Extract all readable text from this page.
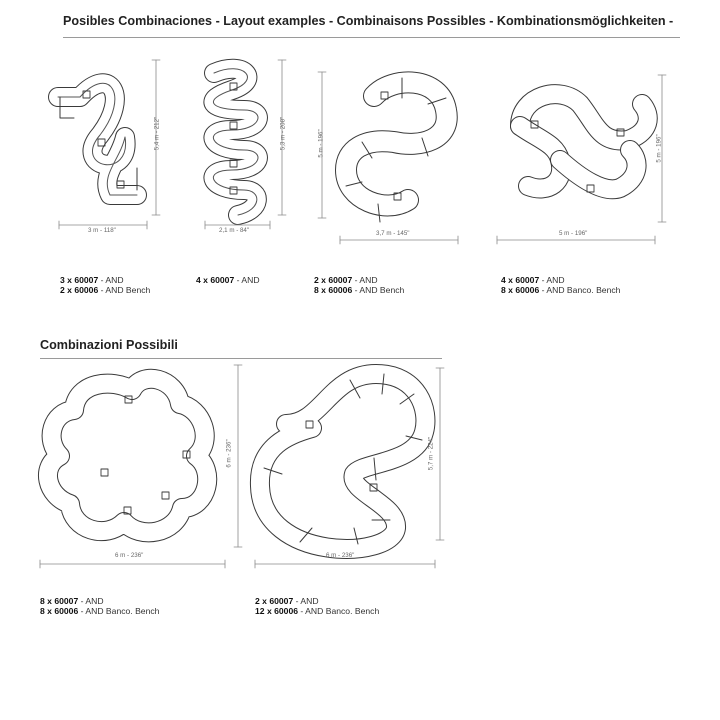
Posibles Combinaciones - Layout examples - Combinaisons Possibles - Kombinationsmöglichkeiten -
Combinazioni Possibili
3 m - 118"
5,4 m - 212"
2,1 m - 84"
5,3 m - 208"
3,7 m - 145"
5 m - 196"
5 m - 196"
5 m - 196"
6 m - 236"
6 m - 236"
6 m - 236"
5,7 m - 224"
3 x 60007 - AND
2 x 60006 - AND Bench
4 x 60007 - AND	2 x 60007 - AND
8 x 60006 - AND Bench
4 x 60007 - AND
8 x 60006 - AND Banco. Bench
8 x 60007 - AND
8 x 60006 - AND Banco. Bench
2 x 60007 - AND
12 x 60006 - AND Banco. Bench
